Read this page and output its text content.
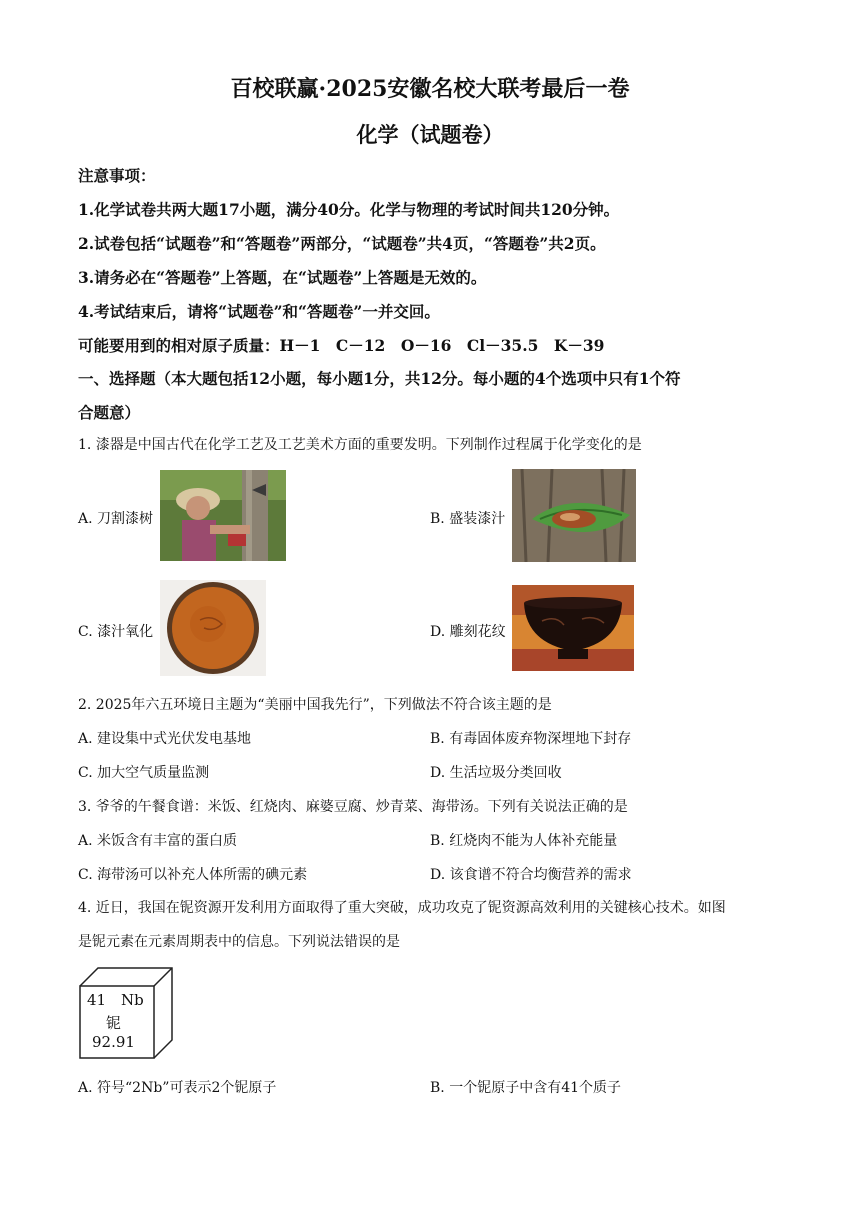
百校联赢·2025安徽名校大联考最后一卷
化学（试题卷）
注意事项：
1.化学试卷共两大题17小题，满分40分。化学与物理的考试时间共120分钟。
2.试卷包括“试题卷”和“答题卷”两部分，“试题卷”共4页，“答题卷”共2页。
3.请务必在“答题卷”上答题，在“试题卷”上答题是无效的。
4.考试结束后，请将“试题卷”和“答题卷”一并交回。
可能要用到的相对原子质量：H－1　C－12　O－16　Cl－35.5　K－39
一、选择题（本大题包括12小题，每小题1分，共12分。每小题的4个选项中只有1个符
合题意）
1. 漆器是中国古代在化学工艺及工艺美术方面的重要发明。下列制作过程属于化学变化的是
A. 刀割漆树	B. 盛装漆汁
C. 漆汁氧化	D. 雕刻花纹
2. 2025年六五环境日主题为“美丽中国我先行”，下列做法不符合该主题的是
A. 建设集中式光伏发电基地	B. 有毒固体废弃物深埋地下封存
C. 加大空气质量监测	D. 生活垃圾分类回收
3. 爷爷的午餐食谱：米饭、红烧肉、麻婆豆腐、炒青菜、海带汤。下列有关说法正确的是
A. 米饭含有丰富的蛋白质	B. 红烧肉不能为人体补充能量
C. 海带汤可以补充人体所需的碘元素	D. 该食谱不符合均衡营养的需求
4. 近日，我国在铌资源开发利用方面取得了重大突破，成功攻克了铌资源高效利用的关键核心技术。如图
是铌元素在元素周期表中的信息。下列说法错误的是
41 Nb
铌
92.91
A. 符号“2Nb”可表示2个铌原子	B. 一个铌原子中含有41个质子
